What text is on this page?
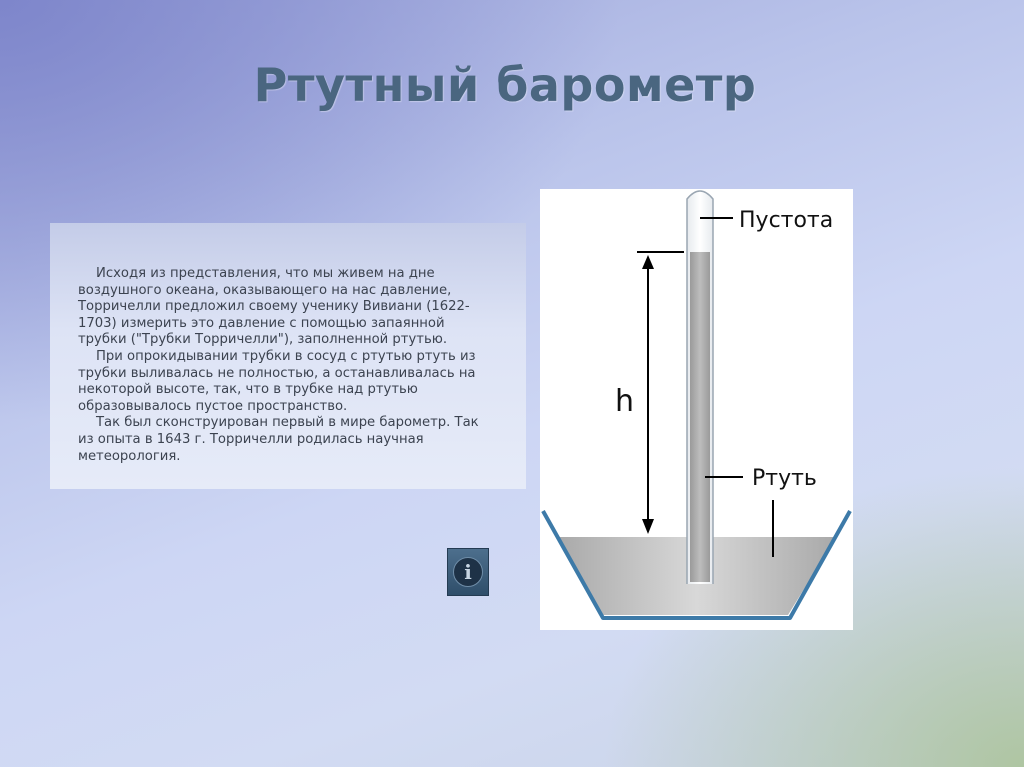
Ртутный барометр

Исходя из представления, что мы живем на дне воздушного океана, оказывающего на нас давление, Торричелли предложил своему ученику Вивиани (1622-1703) измерить это давление с помощью запаянной трубки ("Трубки Торричелли"), заполненной ртутью.

При опрокидывании трубки в сосуд с ртутью ртуть из трубки выливалась не полностью, а останавливалась на некоторой высоте, так, что в трубке над ртутью образовывалось пустое пространство.

Так был сконструирован первый в мире барометр. Так из опыта в 1643 г. Торричелли родилась научная метеорология.

i
h
Пустота
Ртуть
